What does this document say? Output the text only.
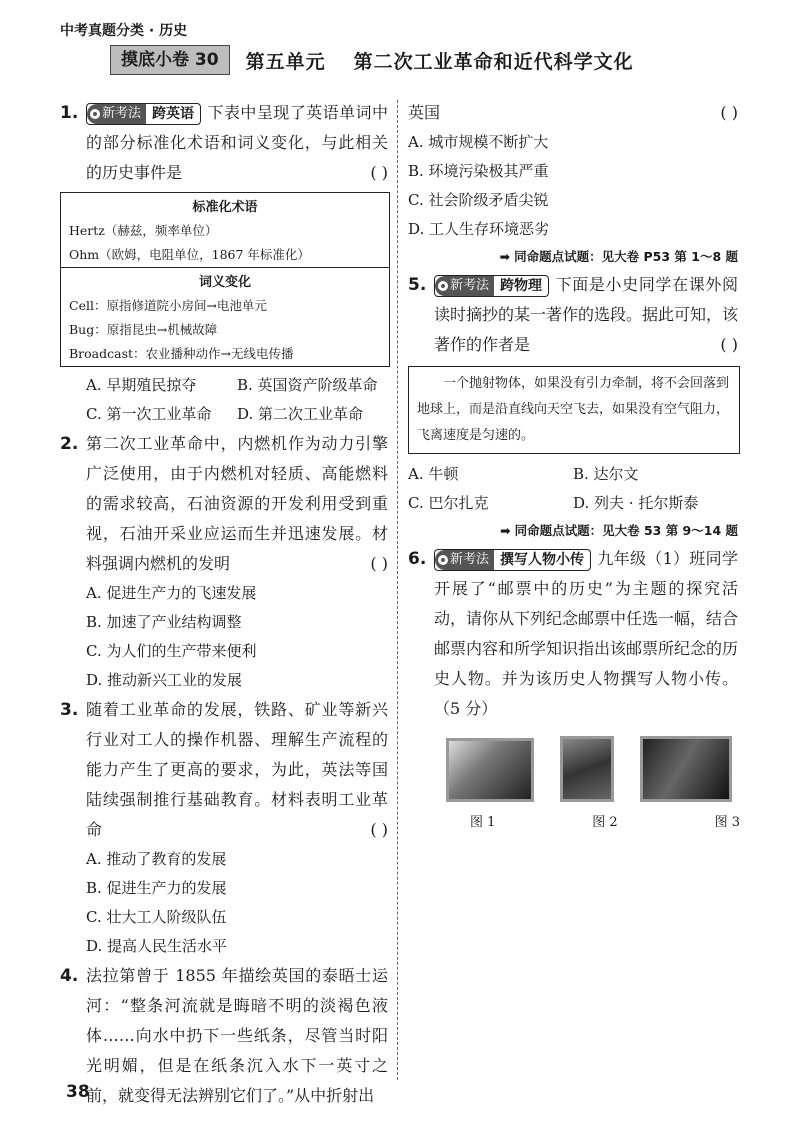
中考真题分类 · 历史
摸底小卷 30	第五单元 第二次工业革命和近代科学文化
1. 新考法 跨英语 下表中呈现了英语单词中的部分标准化术语和词义变化，与此相关的历史事件是	( )

标准化术语
Hertz（赫兹，频率单位）
Ohm（欧姆，电阻单位，1867 年标准化）
词义变化
Cell：原指修道院小房间→电池单元
Bug：原指昆虫→机械故障
Broadcast：农业播种动作→无线电传播
A. 早期殖民掠夺	B. 英国资产阶级革命
C. 第一次工业革命	D. 第二次工业革命
2. 第二次工业革命中，内燃机作为动力引擎广泛使用，由于内燃机对轻质、高能燃料的需求较高，石油资源的开发利用受到重视，石油开采业应运而生并迅速发展。材料强调内燃机的发明	( )

A. 促进生产力的飞速发展
B. 加速了产业结构调整
C. 为人们的生产带来便利
D. 推动新兴工业的发展
3. 随着工业革命的发展，铁路、矿业等新兴行业对工人的操作机器、理解生产流程的能力产生了更高的要求，为此，英法等国陆续强制推行基础教育。材料表明工业革命	( )

A. 推动了教育的发展
B. 促进生产力的发展
C. 壮大工人阶级队伍
D. 提高人民生活水平
4. 法拉第曾于 1855 年描绘英国的泰晤士运河：“整条河流就是晦暗不明的淡褐色液体……向水中扔下一些纸条，尽管当时阳光明媚，但是在纸条沉入水下一英寸之前，就变得无法辨别它们了。”从中折射出

英国	( )

A. 城市规模不断扩大
B. 环境污染极其严重
C. 社会阶级矛盾尖锐
D. 工人生存环境恶劣
➡ 同命题点试题：见大卷 P53 第 1～8 题
5. 新考法 跨物理 下面是小史同学在课外阅读时摘抄的某一著作的选段。据此可知，该著作的作者是	( )

一个抛射物体，如果没有引力牵制，将不会回落到地球上，而是沿直线向天空飞去，如果没有空气阻力，飞离速度是匀速的。
A. 牛顿	B. 达尔文
C. 巴尔扎克	D. 列夫 · 托尔斯泰
➡ 同命题点试题：见大卷 53 第 9～14 题
6. 新考法 撰写人物小传 九年级（1）班同学开展了“邮票中的历史”为主题的探究活动，请你从下列纪念邮票中任选一幅，结合邮票内容和所学知识指出该邮票所纪念的历史人物。并为该历史人物撰写人物小传。（5 分）

图 1	图 2	图 3
38
